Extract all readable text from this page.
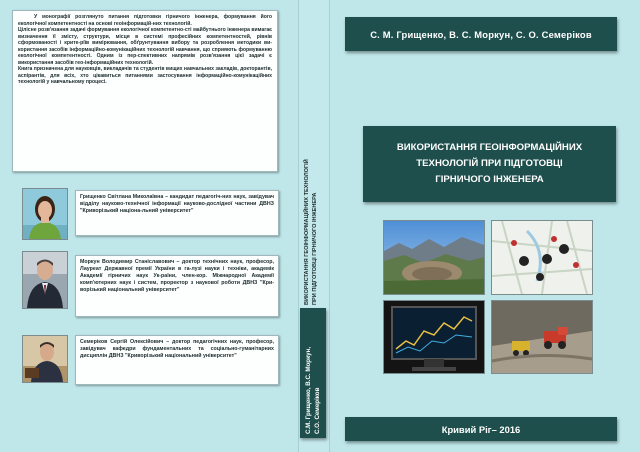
У монографії розглянуто питання підготовки гірничого інженера, формування його екологічної компетентності на основі геоінформацій-них технологій.
Цілісне розв'язання задачі формування екологічної компетентно-сті майбутнього інженера вимагає визначення її змісту, структури, місця в системі професійних компетентностей, рівнів сформованості і крите-ріїв вимірювання, обґрунтування вибору та розроблення методики ви-користання засобів інформаційно-комунікаційних технологій навчання, що сприяють формуванню екологічної компетентності. Одним із пер-спективних напрямів розв'язання цієї задачі є використання засобів гео-інформаційних технологій.
Книга призначена для науковців, викладачів та студентів вищих навчальних закладів, докторантів, аспірантів, для всіх, хто цікавиться питаннями застосування інформаційно-комунікаційних технологій у навчальному процесі.

Грищенко Світлана Миколаївна – кандидат педагогіч-них наук, завідувач відділу науково-технічної інформації науково-дослідної частини ДВНЗ "Криворізький націона-льний університет"

Моркун Володимир Станіславович – доктор технічних наук, професор, Лауреат Державної премії України в га-лузі науки і техніки, академік Академії гірничих наук Ук-раїни, член-кор. Міжнародної Академії комп'ютерних наук і систем, проректор з наукової роботи ДВНЗ "Кри-ворізький національний університет"

Семеріков Сергій Олексійович – доктор педагогічних наук, професор, завідувач кафедри фундаментальних та соціально-гуманітарних дисциплін ДВНЗ "Криворізький національний університет"

ВИКОРИСТАННЯ ГЕОІНФОРМАЦІЙНИХ ТЕХНОЛОГІЙ
ПРИ ПІДГОТОВЦІ ГІРНИЧОГО ІНЖЕНЕРА
С.М. Грищенко, В.С. Моркун,
С.О. Семеріков
С. М. Грищенко, В. С. Моркун, С. О. Семеріков
ВИКОРИСТАННЯ ГЕОІНФОРМАЦІЙНИХ
ТЕХНОЛОГІЙ ПРИ ПІДГОТОВЦІ
ГІРНИЧОГО ІНЖЕНЕРА
Кривий Ріг– 2016
